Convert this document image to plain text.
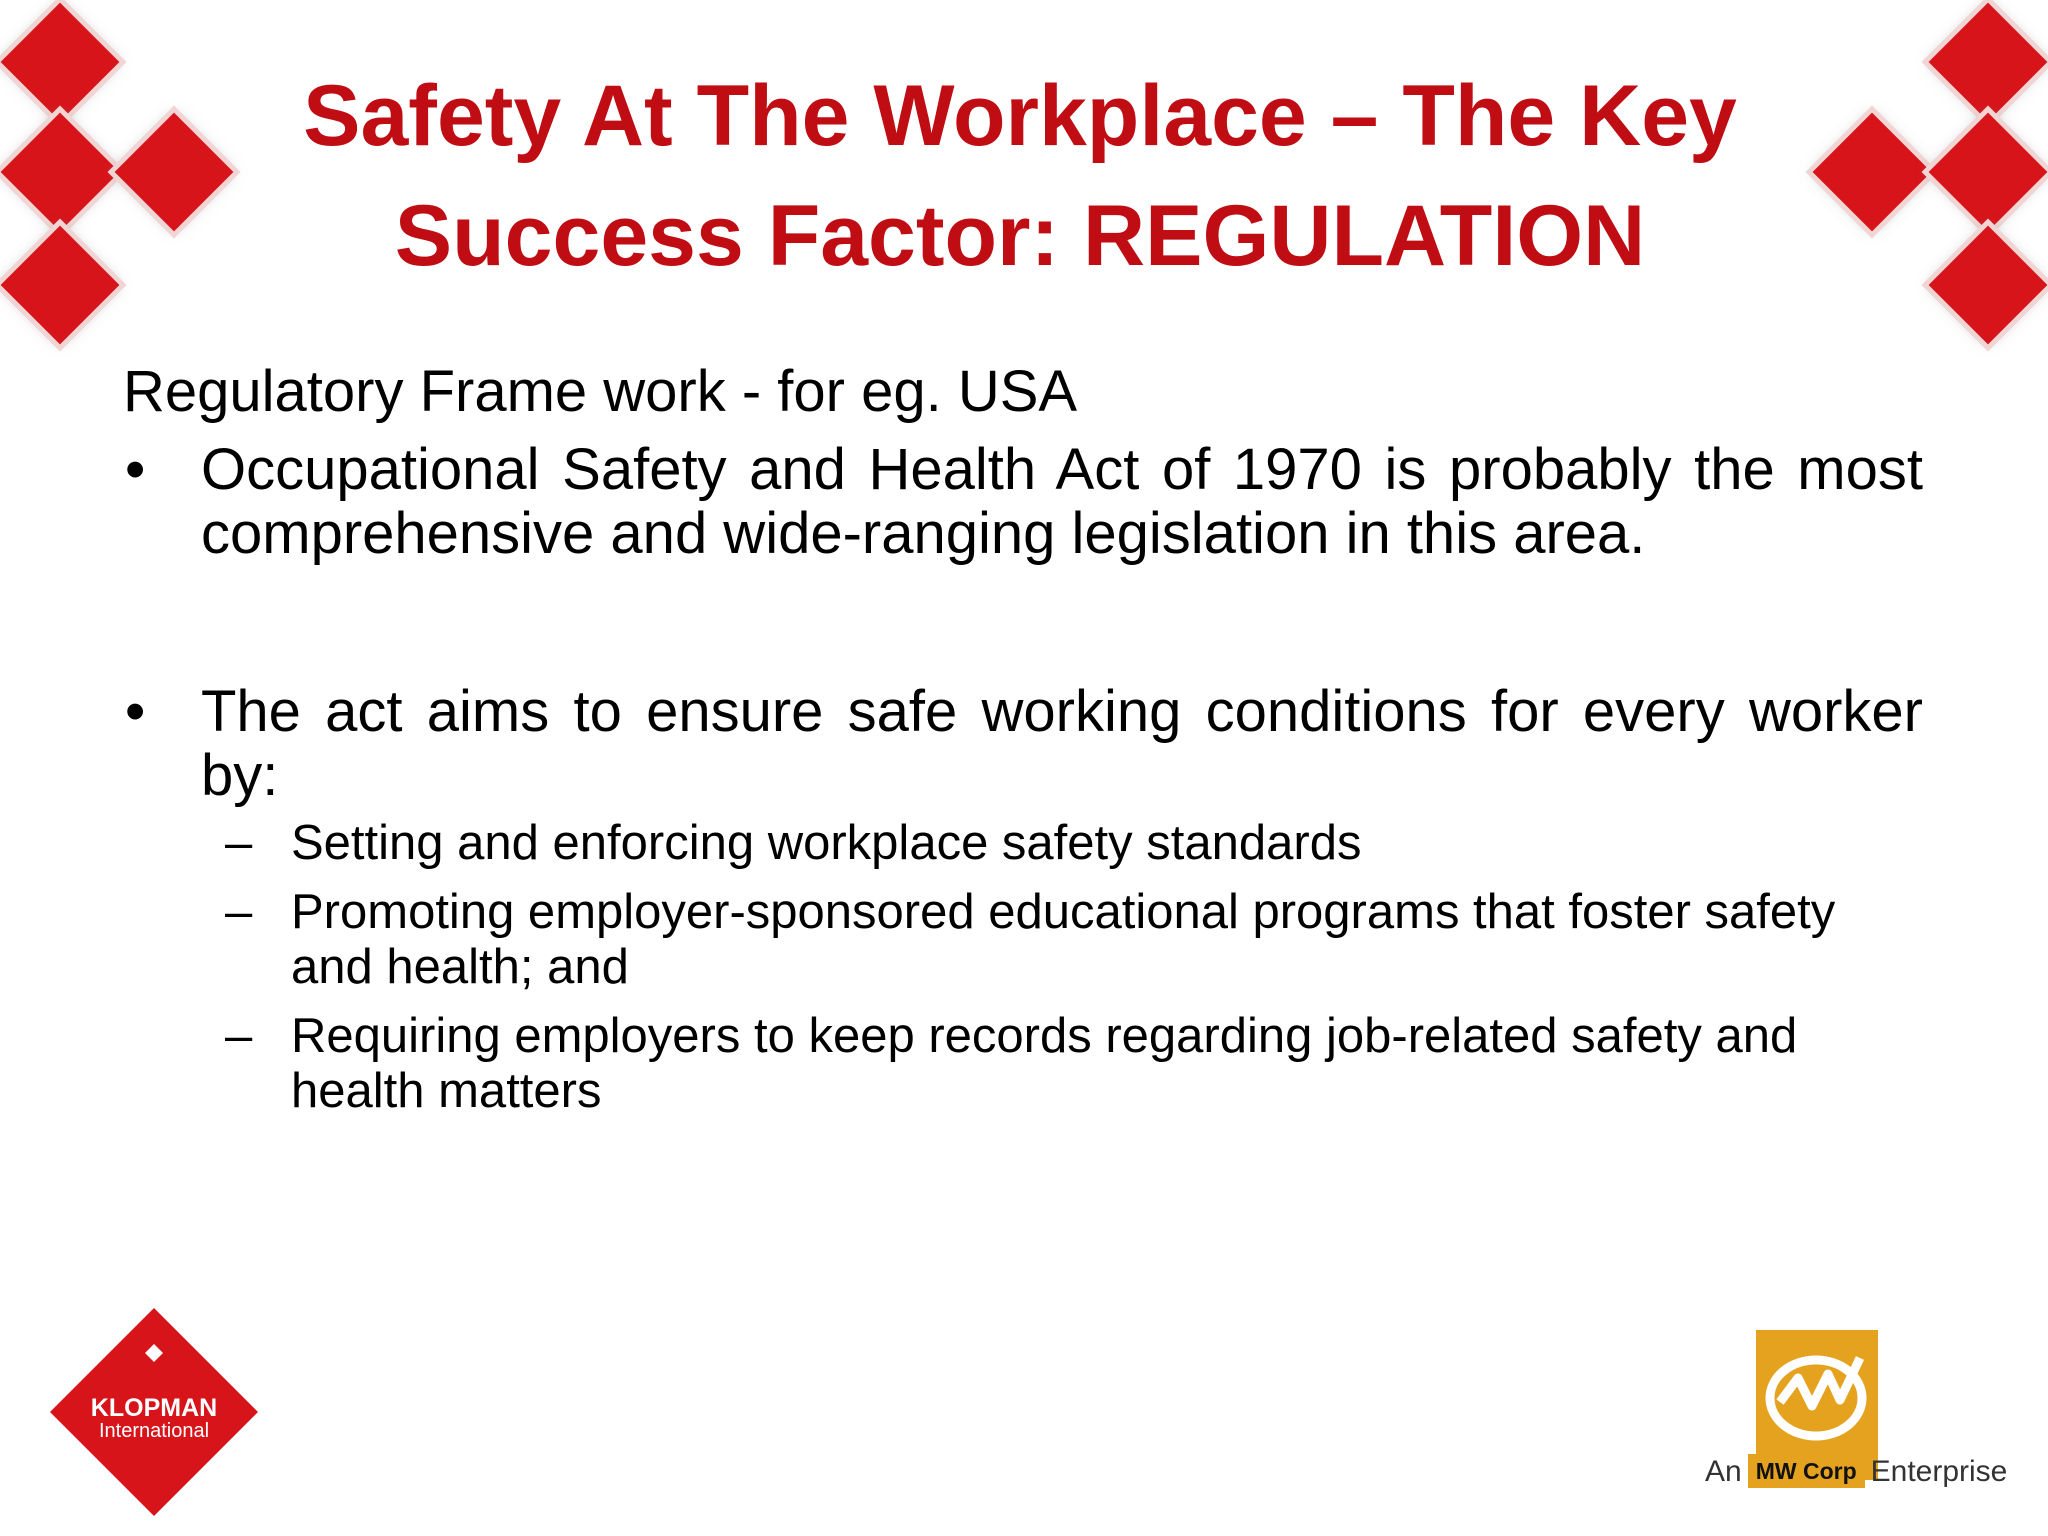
Safety At The Workplace – The Key Success Factor: REGULATION

Regulatory Frame work - for eg. USA

• Occupational Safety and Health Act of 1970 is probably the most comprehensive and wide-ranging legislation in this area.
• The act aims to ensure safe working conditions for every worker by:
– Setting and enforcing workplace safety standards
– Promoting employer-sponsored educational programs that foster safety and health; and
– Requiring employers to keep records regarding job-related safety and health matters
KLOPMAN
International
An MW Corp Enterprise
